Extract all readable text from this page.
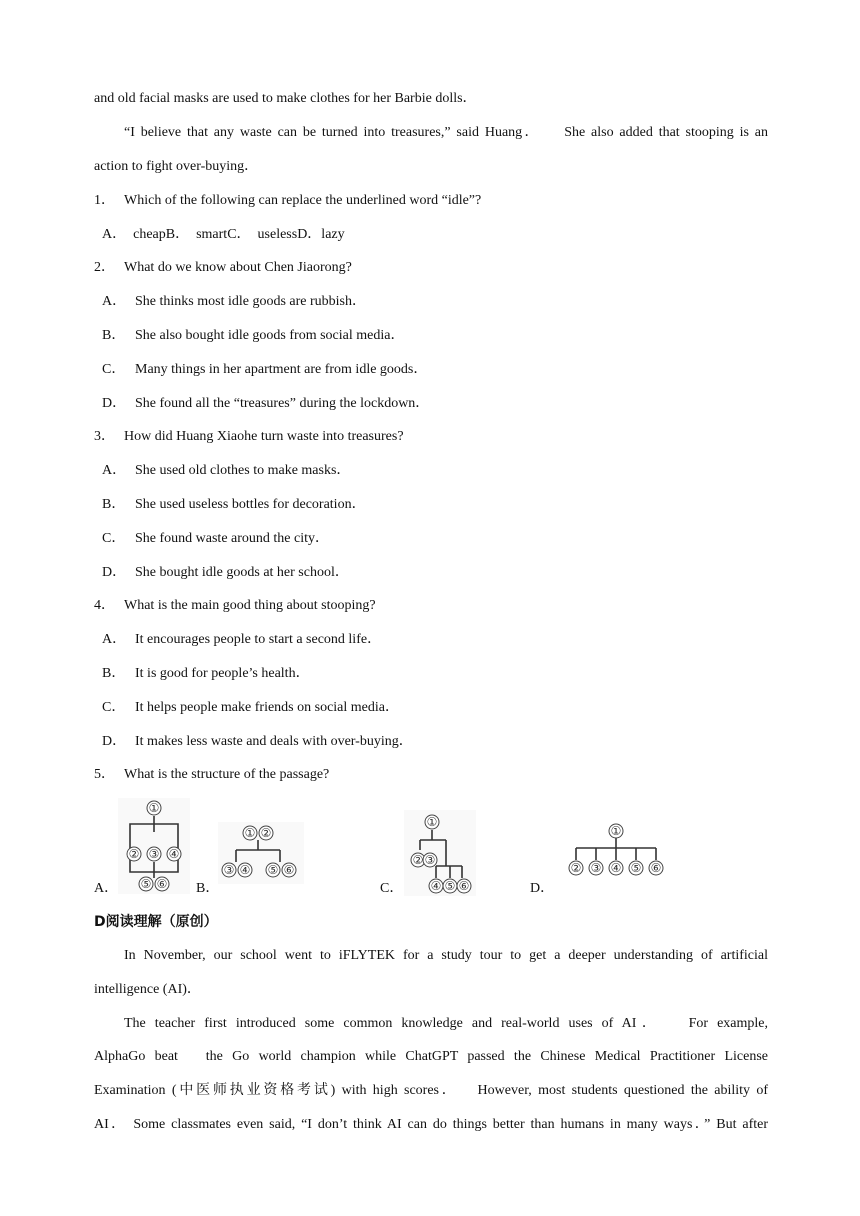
and old facial masks are used to make clothes for her Barbie dolls．
“I believe that any waste can be turned into treasures,” said Huang．    She also added that stooping is an
action to fight over-buying．
1． Which of the following can replace the underlined word “idle”?
A．  cheapB．  smartC．  uselessD．lazy
2． What do we know about Chen Jiaorong?
A． She thinks most idle goods are rubbish．
B． She also bought idle goods from social media．
C． Many things in her apartment are from idle goods．
D． She found all the “treasures” during the lockdown．
3． How did Huang Xiaohe turn waste into treasures?
A． She used old clothes to make masks．
B． She used useless bottles for decoration．
C． She found waste around the city．
D． She bought idle goods at her school．
4． What is the main good thing about stooping?
A． It encourages people to start a second life．
B． It is good for people’s health．
C． It helps people make friends on social media．
D． It makes less waste and deals with over-buying．
5． What is the structure of the passage?
A．	B．	C．	D．
①
② ③ ④
⑤ ⑥
① ②
③ ④ ⑤ ⑥
①
② ③
④ ⑤ ⑥
①
② ③ ④ ⑤ ⑥
D阅读理解（原创）
In November, our school went to iFLYTEK for a study tour to get a deeper understanding of artificial
intelligence (AI)．
The teacher first introduced some common knowledge and real-world uses of AI．   For example,
AlphaGo beat   the Go world champion while ChatGPT passed the Chinese Medical Practitioner License
Examination (中医师执业资格考试) with high scores．   However, most students questioned the ability of
AI． Some classmates even said, “I don’t think AI can do things better than humans in many ways．” But after
